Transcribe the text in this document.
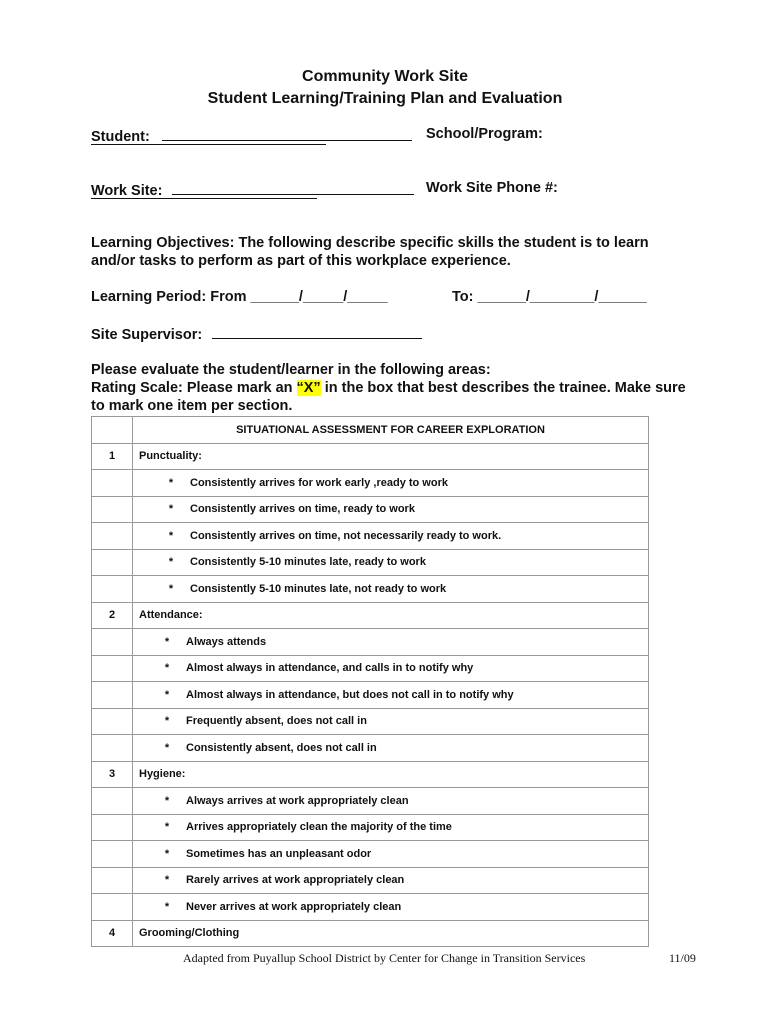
Community Work Site
Student Learning/Training Plan and Evaluation
Student:	School/Program:
Work Site:	Work Site Phone #:
Learning Objectives: The following describe specific skills the student is to learn and/or tasks to perform as part of this workplace experience.
Learning Period: From ______/_____/_____	To: ______/________/______
Site Supervisor:
Please evaluate the student/learner in the following areas:
Rating Scale: Please mark an “X” in the box that best describes the trainee. Make sure to mark one item per section.
	SITUATIONAL ASSESSMENT FOR CAREER EXPLORATION
1	Punctuality:

	* Consistently arrives for work early ,ready to work

	* Consistently arrives on time, ready to work

	* Consistently arrives on time, not necessarily ready to work.

	* Consistently 5-10 minutes late, ready to work

	* Consistently 5-10 minutes late, not ready to work

2	Attendance:

	* Always attends

	* Almost always in attendance, and calls in to notify why

	* Almost always in attendance, but does not call in to notify why

	* Frequently absent, does not call in

	* Consistently absent, does not call in

3	Hygiene:

	* Always arrives at work appropriately clean

	* Arrives appropriately clean the majority of the time

	* Sometimes has an unpleasant odor

	* Rarely arrives at work appropriately clean

	* Never arrives at work appropriately clean

4	Grooming/Clothing
Adapted from Puyallup School District by Center for Change in Transition Services	11/09
